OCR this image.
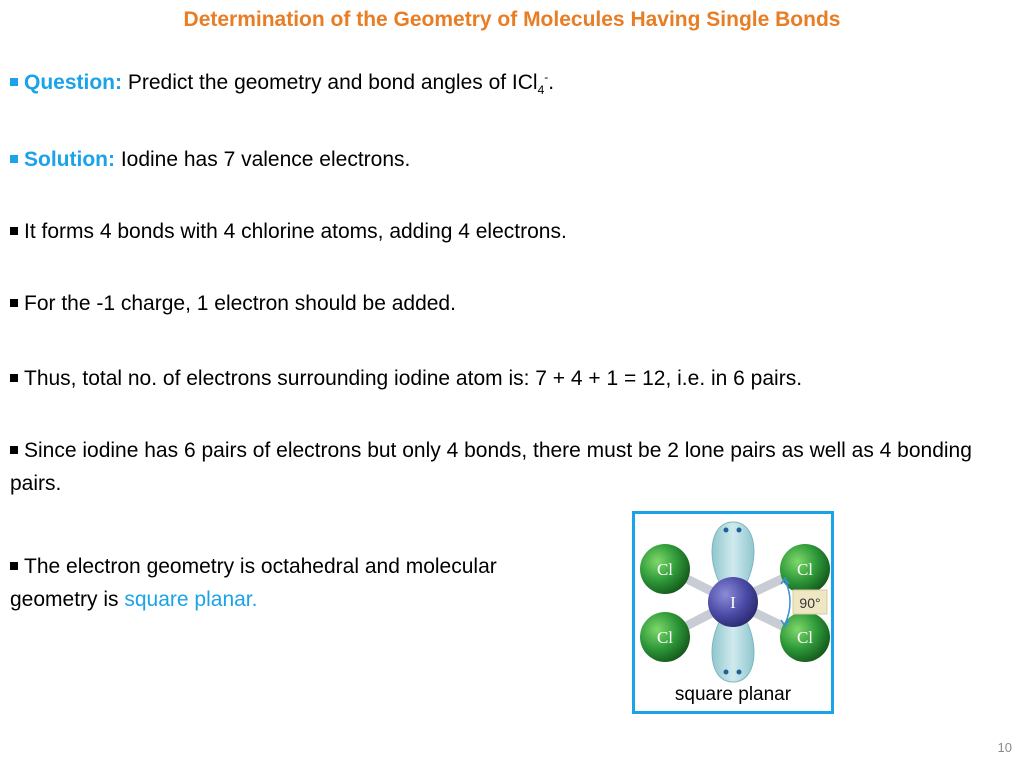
Determination of the Geometry of Molecules Having Single Bonds
Question: Predict the geometry and bond angles of ICl$_4$-.
Solution: Iodine has 7 valence electrons.
It forms 4 bonds with 4 chlorine atoms, adding 4 electrons.
For the -1 charge, 1 electron should be added.
Thus, total no. of electrons surrounding iodine atom is: 7 + 4 + 1 = 12, i.e. in 6 pairs.
Since iodine has 6 pairs of electrons but only 4 bonds, there must be 2 lone pairs as well as 4 bonding pairs.
The electron geometry is octahedral and molecular geometry is square planar.
Cl	Cl
Cl	Cl
I	90°
square planar
10
